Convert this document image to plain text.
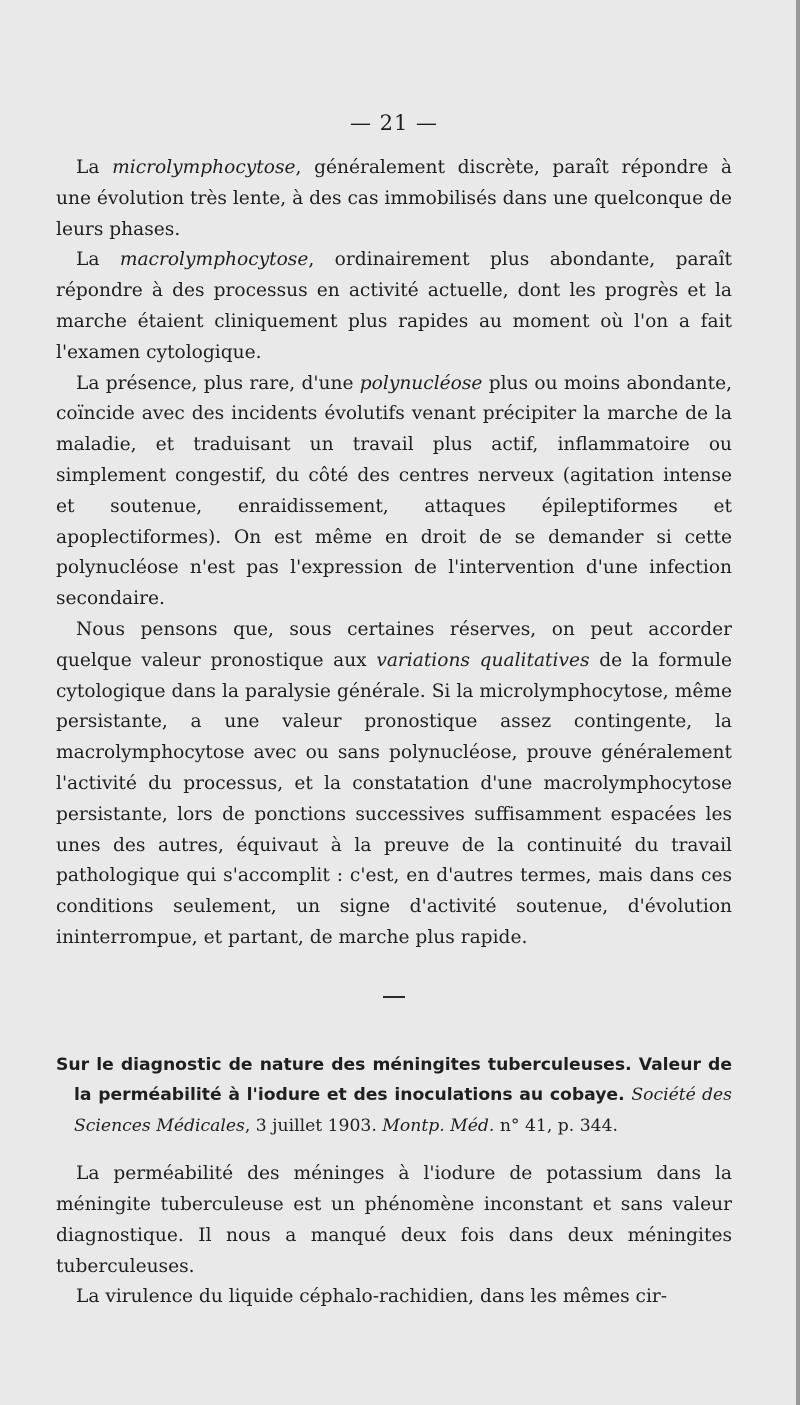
— 21 —

La microlymphocytose, généralement discrète, paraît répondre à une évolution très lente, à des cas immobilisés dans une quelconque de leurs phases.

La macrolymphocytose, ordinairement plus abondante, paraît répondre à des processus en activité actuelle, dont les progrès et la marche étaient cliniquement plus rapides au moment où l'on a fait l'examen cytologique.

La présence, plus rare, d'une polynucléose plus ou moins abondante, coïncide avec des incidents évolutifs venant précipiter la marche de la maladie, et traduisant un travail plus actif, inflammatoire ou simplement congestif, du côté des centres nerveux (agitation intense et soutenue, enraidissement, attaques épileptiformes et apoplectiformes). On est même en droit de se demander si cette polynucléose n'est pas l'expression de l'intervention d'une infection secondaire.

Nous pensons que, sous certaines réserves, on peut accorder quelque valeur pronostique aux variations qualitatives de la formule cytologique dans la paralysie générale. Si la microlymphocytose, même persistante, a une valeur pronostique assez contingente, la macrolymphocytose avec ou sans polynucléose, prouve généralement l'activité du processus, et la constatation d'une macrolymphocytose persistante, lors de ponctions successives suffisamment espacées les unes des autres, équivaut à la preuve de la continuité du travail pathologique qui s'accomplit : c'est, en d'autres termes, mais dans ces conditions seulement, un signe d'activité soutenue, d'évolution ininterrompue, et partant, de marche plus rapide.

Sur le diagnostic de nature des méningites tuberculeuses. Valeur de la perméabilité à l'iodure et des inoculations au cobaye. Société des Sciences Médicales, 3 juillet 1903. Montp. Méd. n° 41, p. 344.

La perméabilité des méninges à l'iodure de potassium dans la méningite tuberculeuse est un phénomène inconstant et sans valeur diagnostique. Il nous a manqué deux fois dans deux méningites tuberculeuses.

La virulence du liquide céphalo-rachidien, dans les mêmes cir-
